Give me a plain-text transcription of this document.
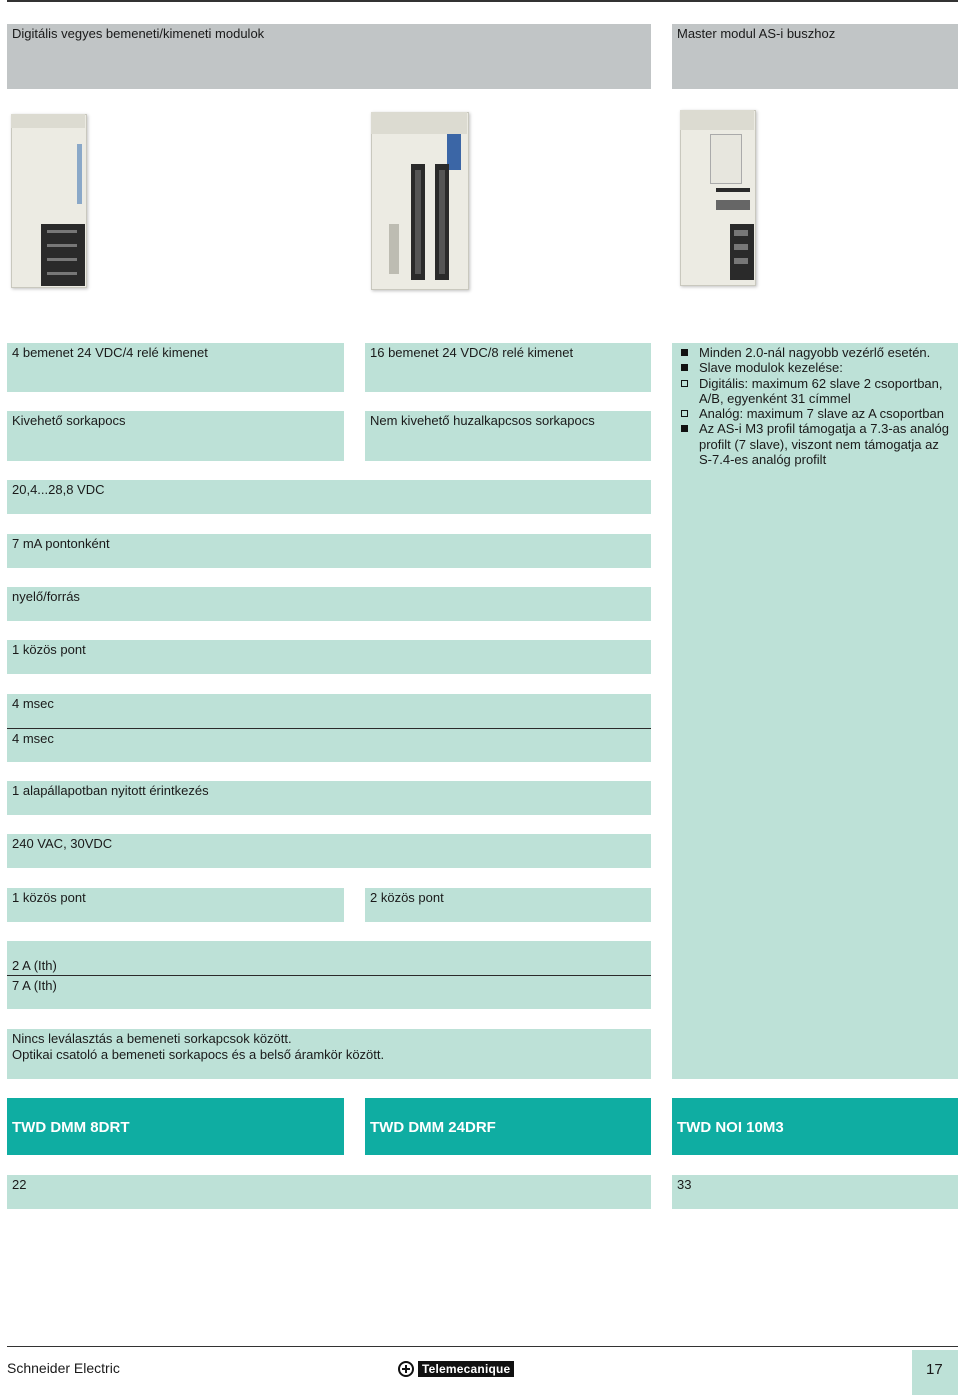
Digitális vegyes bemeneti/kimeneti modulok	Master modul AS-i buszhoz
4 bemenet 24 VDC/4 relé kimenet	16 bemenet 24 VDC/8 relé kimenet
Kivehető sorkapocs	Nem kivehető huzalkapcsos sorkapocs
Minden 2.0-nál nagyobb vezérlő esetén.
Slave modulok kezelése:
Digitális: maximum 62 slave 2 csoportban, A/B, egyenként 31 címmel
Analóg: maximum 7 slave az A csoportban
Az AS-i M3 profil támogatja a 7.3-as analóg profilt (7 slave), viszont nem támogatja az S-7.4-es analóg profilt
20,4...28,8 VDC
7 mA pontonként
nyelő/forrás
1 közös pont
4 msec
4 msec
1 alapállapotban nyitott érintkezés
240 VAC, 30VDC
1 közös pont	2 közös pont
2 A (Ith)
7 A (Ith)
Nincs leválasztás a bemeneti sorkapcsok között.
Optikai csatoló a bemeneti sorkapocs és a belső áramkör között.
TWD DMM 8DRT	TWD DMM 24DRF	TWD NOI 10M3
22	33
Schneider Electric	Telemecanique	17
